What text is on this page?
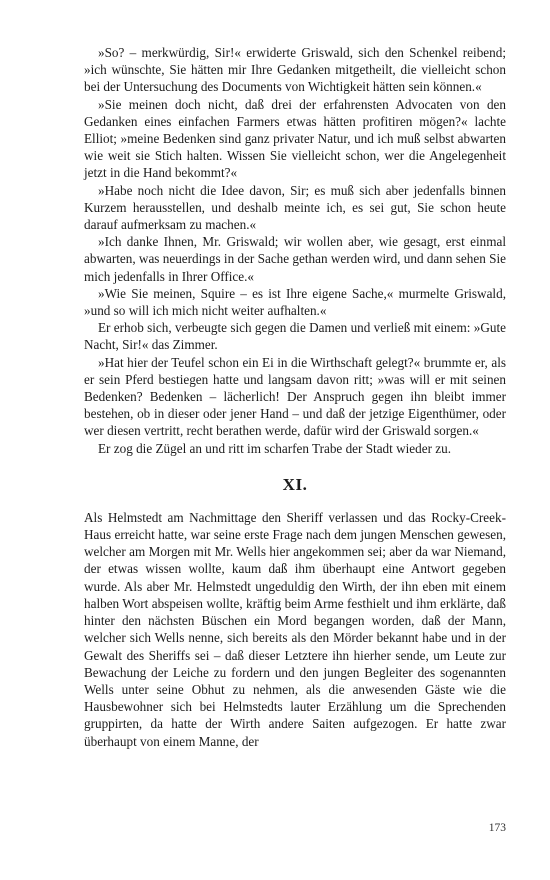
»So? – merkwürdig, Sir!« erwiderte Griswald, sich den Schenkel reibend; »ich wünschte, Sie hätten mir Ihre Gedanken mitgetheilt, die vielleicht schon bei der Untersuchung des Documents von Wichtigkeit hätten sein können.«

»Sie meinen doch nicht, daß drei der erfahrensten Advocaten von den Gedanken eines einfachen Farmers etwas hätten profitiren mögen?« lachte Elliot; »meine Bedenken sind ganz privater Natur, und ich muß selbst abwarten wie weit sie Stich halten. Wissen Sie vielleicht schon, wer die Angelegenheit jetzt in die Hand bekommt?«

»Habe noch nicht die Idee davon, Sir; es muß sich aber jedenfalls binnen Kurzem herausstellen, und deshalb meinte ich, es sei gut, Sie schon heute darauf aufmerksam zu machen.«

»Ich danke Ihnen, Mr. Griswald; wir wollen aber, wie gesagt, erst einmal abwarten, was neuerdings in der Sache gethan werden wird, und dann sehen Sie mich jedenfalls in Ihrer Office.«

»Wie Sie meinen, Squire – es ist Ihre eigene Sache,« murmelte Griswald, »und so will ich mich nicht weiter aufhalten.«

Er erhob sich, verbeugte sich gegen die Damen und verließ mit einem: »Gute Nacht, Sir!« das Zimmer.

»Hat hier der Teufel schon ein Ei in die Wirthschaft gelegt?« brummte er, als er sein Pferd bestiegen hatte und langsam davon ritt; »was will er mit seinen Bedenken? Bedenken – lächerlich! Der Anspruch gegen ihn bleibt immer bestehen, ob in dieser oder jener Hand – und daß der jetzige Eigenthümer, oder wer diesen vertritt, recht berathen werde, dafür wird der Griswald sorgen.«

Er zog die Zügel an und ritt im scharfen Trabe der Stadt wieder zu.

XI.

Als Helmstedt am Nachmittage den Sheriff verlassen und das Rocky-Creek-Haus erreicht hatte, war seine erste Frage nach dem jungen Menschen gewesen, welcher am Morgen mit Mr. Wells hier angekommen sei; aber da war Niemand, der etwas wissen wollte, kaum daß ihm überhaupt eine Antwort gegeben wurde. Als aber Mr. Helmstedt ungeduldig den Wirth, der ihn eben mit einem halben Wort abspeisen wollte, kräftig beim Arme festhielt und ihm erklärte, daß hinter den nächsten Büschen ein Mord begangen worden, daß der Mann, welcher sich Wells nenne, sich bereits als den Mörder bekannt habe und in der Gewalt des Sheriffs sei – daß dieser Letztere ihn hierher sende, um Leute zur Bewachung der Leiche zu fordern und den jungen Begleiter des sogenannten Wells unter seine Obhut zu nehmen, als die anwesenden Gäste wie die Hausbewohner sich bei Helmstedts lauter Erzählung um die Sprechenden gruppirten, da hatte der Wirth andere Saiten aufgezogen. Er hatte zwar überhaupt von einem Manne, der

173
